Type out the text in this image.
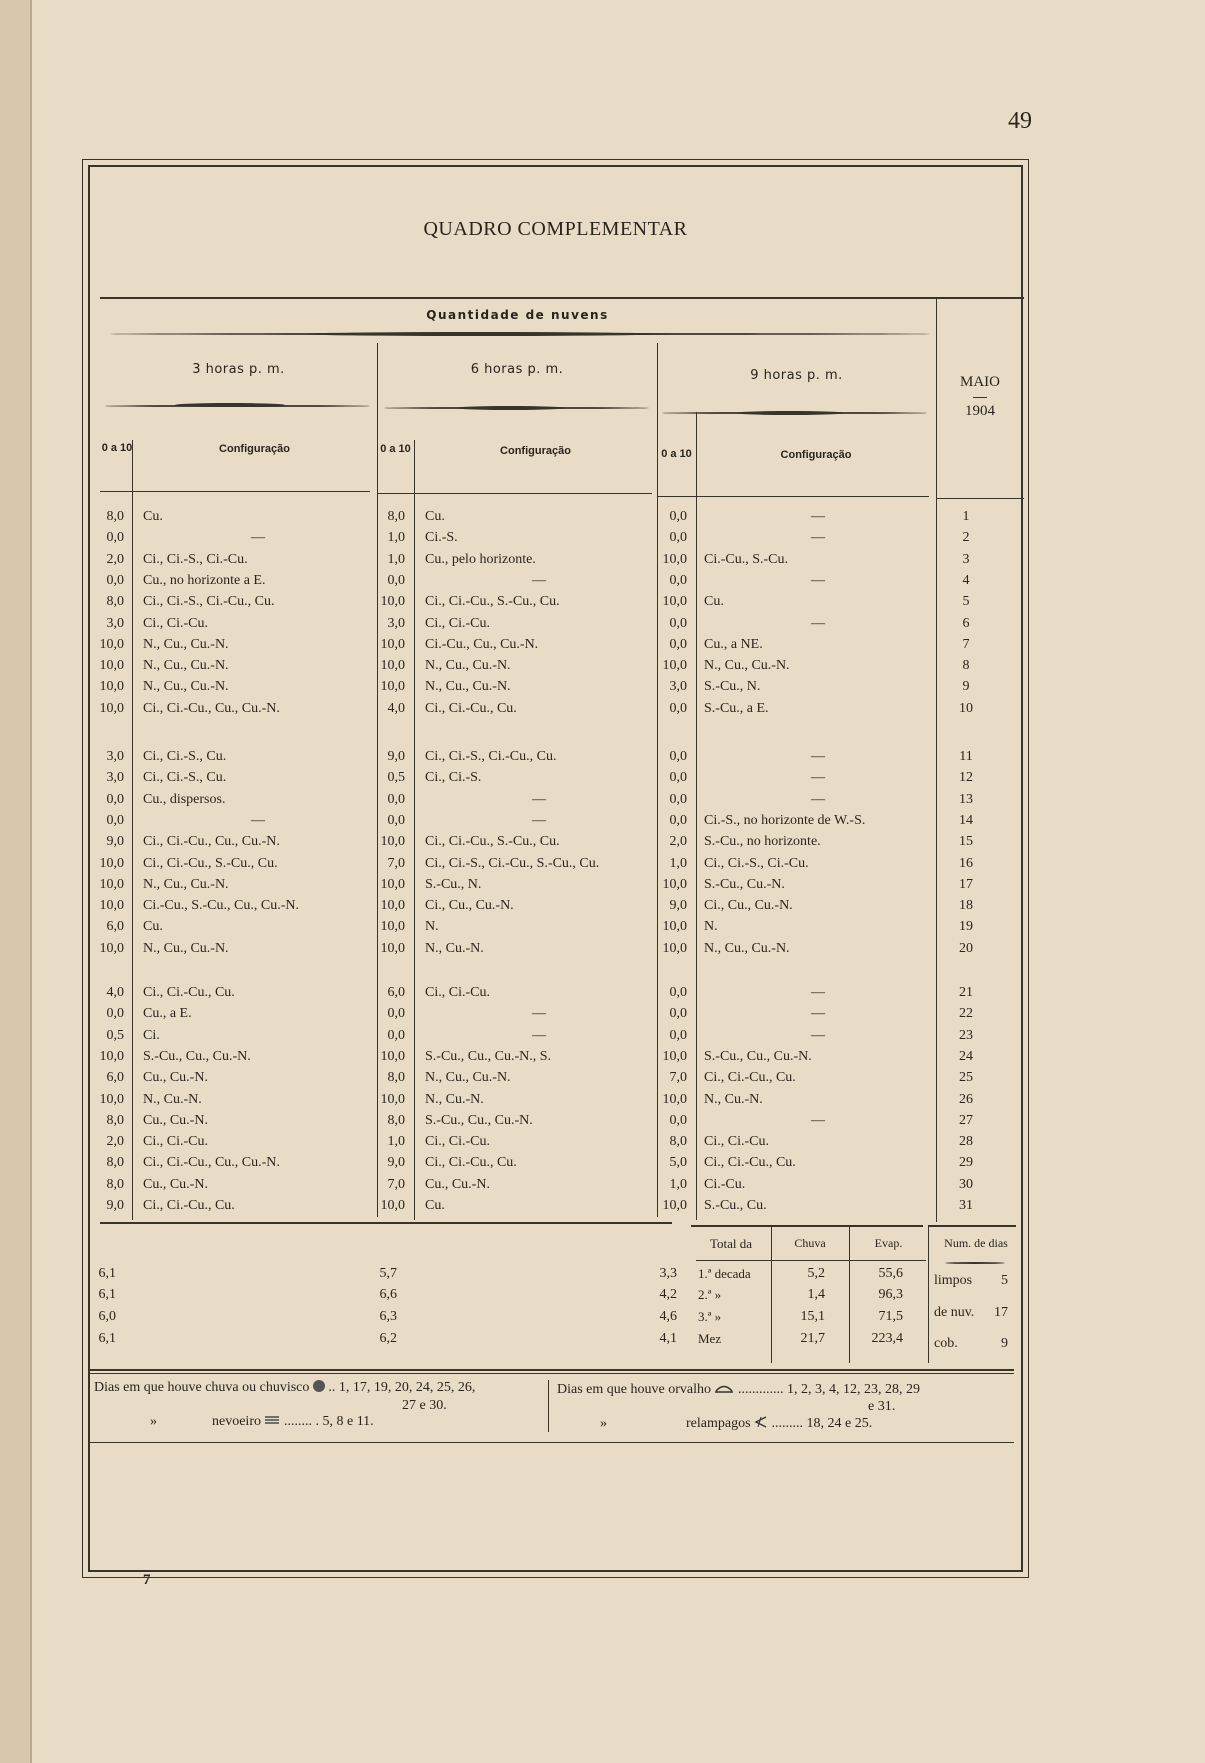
49
QUADRO COMPLEMENTAR
Quantidade de nuvens
3 horas p. m.	6 horas p. m.	9 horas p. m.	MAIO
1904
0 a 10	Configuração	0 a 10	Configuração	0 a 10	Configuração
8,0 Cu.	8,0 Cu.	0,0	—	1
0,0	—	1,0 Ci.-S.	0,0	—	2
2,0 Ci., Ci.-S., Ci.-Cu.	1,0 Cu., pelo horizonte.	10,0 Ci.-Cu., S.-Cu.	3
0,0 Cu., no horizonte a E.	0,0	—	0,0	—	4
8,0 Ci., Ci.-S., Ci.-Cu., Cu.	10,0 Ci., Ci.-Cu., S.-Cu., Cu.	10,0 Cu.	5
3,0 Ci., Ci.-Cu.	3,0 Ci., Ci.-Cu.	0,0	—	6
10,0 N., Cu., Cu.-N.	10,0 Ci.-Cu., Cu., Cu.-N.	0,0 Cu., a NE.	7
10,0 N., Cu., Cu.-N.	10,0 N., Cu., Cu.-N.	10,0 N., Cu., Cu.-N.	8
10,0 N., Cu., Cu.-N.	10,0 N., Cu., Cu.-N.	3,0 S.-Cu., N.	9
10,0 Ci., Ci.-Cu., Cu., Cu.-N.	4,0 Ci., Ci.-Cu., Cu.	0,0 S.-Cu., a E.	10
3,0 Ci., Ci.-S., Cu.	9,0 Ci., Ci.-S., Ci.-Cu., Cu.	0,0	—	11
3,0 Ci., Ci.-S., Cu.	0,5 Ci., Ci.-S.	0,0	—	12
0,0 Cu., dispersos.	0,0	—	0,0	—	13
0,0	—	0,0	—	0,0 Ci.-S., no horizonte de W.-S.	14
9,0 Ci., Ci.-Cu., Cu., Cu.-N.	10,0 Ci., Ci.-Cu., S.-Cu., Cu.	2,0 S.-Cu., no horizonte.	15
10,0 Ci., Ci.-Cu., S.-Cu., Cu.	7,0 Ci., Ci.-S., Ci.-Cu., S.-Cu., Cu.	1,0 Ci., Ci.-S., Ci.-Cu.	16
10,0 N., Cu., Cu.-N.	10,0 S.-Cu., N.	10,0 S.-Cu., Cu.-N.	17
10,0 Ci.-Cu., S.-Cu., Cu., Cu.-N.	10,0 Ci., Cu., Cu.-N.	9,0 Ci., Cu., Cu.-N.	18
6,0 Cu.	10,0 N.	10,0 N.	19
10,0 N., Cu., Cu.-N.	10,0 N., Cu.-N.	10,0 N., Cu., Cu.-N.	20
4,0 Ci., Ci.-Cu., Cu.	6,0 Ci., Ci.-Cu.	0,0	—	21
0,0 Cu., a E.	0,0	—	0,0	—	22
0,5 Ci.	0,0	—	0,0	—	23
10,0 S.-Cu., Cu., Cu.-N.	10,0 S.-Cu., Cu., Cu.-N., S.	10,0 S.-Cu., Cu., Cu.-N.	24
6,0 Cu., Cu.-N.	8,0 N., Cu., Cu.-N.	7,0 Ci., Ci.-Cu., Cu.	25
10,0 N., Cu.-N.	10,0 N., Cu.-N.	10,0 N., Cu.-N.	26
8,0 Cu., Cu.-N.	8,0 S.-Cu., Cu., Cu.-N.	0,0	—	27
2,0 Ci., Ci.-Cu.	1,0 Ci., Ci.-Cu.	8,0 Ci., Ci.-Cu.	28
8,0 Ci., Ci.-Cu., Cu., Cu.-N.	9,0 Ci., Ci.-Cu., Cu.	5,0 Ci., Ci.-Cu., Cu.	29
8,0 Cu., Cu.-N.	7,0 Cu., Cu.-N.	1,0 Ci.-Cu.	30
9,0 Ci., Ci.-Cu., Cu.	10,0 Cu.	10,0 S.-Cu., Cu.	31
Total da	Chuva	Evap.	Num. de dias
6,1	5,7	3,3 1.ª decada	5,2	55,6
6,1	6,6	4,2 2.ª »	1,4	96,3
6,0	6,3	4,6 3.ª »	15,1	71,5
6,1	6,2	4,1 Mez	21,7	223,4
limpos	5
de nuv. 17
cob.	9
Dias em que houve chuva ou chuvisco .. 1, 17, 19, 20, 24, 25, 26,
27 e 30.
»	nevoeiro ........ . 5, 8 e 11.
Dias em que houve orvalho ............. 1, 2, 3, 4, 12, 23, 28, 29
e 31.
»	relampagos ......... 18, 24 e 25.
7
